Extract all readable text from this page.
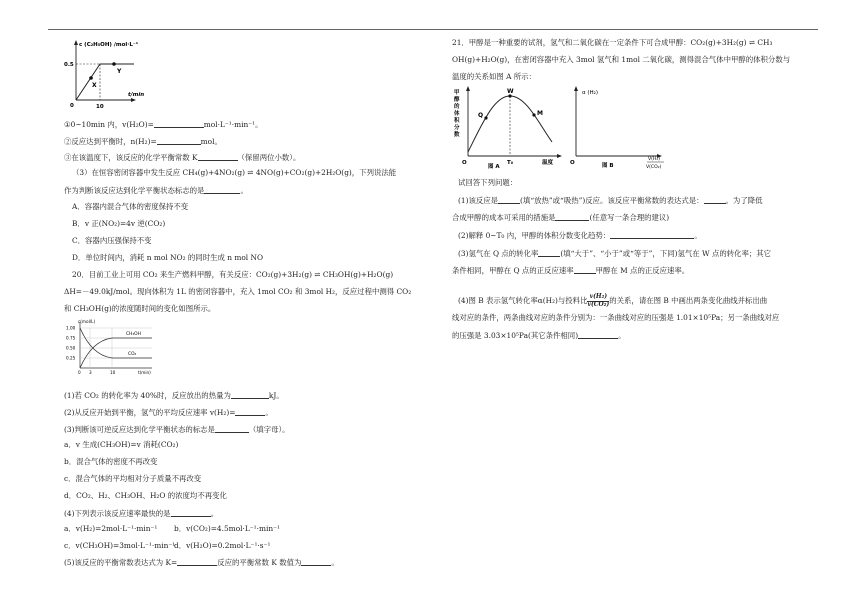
c (C₂H₅OH) /mol·L⁻¹
0.5
0	10
t/min
X
Y
①0~10min 内，v(H₂O)=	mol·L⁻¹·min⁻¹。
②反应达到平衡时，n(H₂)=	mol。
③在该温度下，该反应的化学平衡常数 K	（保留两位小数）。
（3）在恒容密闭容器中发生反应 CH₄(g)+4NO₂(g) ⇌ 4NO(g)+CO₂(g)+2H₂O(g)，下列说法能
作为判断该反应达到化学平衡状态标志的是	。
A．容器内混合气体的密度保持不变
B．v 正(NO₂)=4v 逆(CO₂)
C．容器内压强保持不变
D．单位时间内，消耗 n mol NO₂ 的同时生成 n mol NO
20．目前工业上可用 CO₂ 来生产燃料甲醇，有关反应：CO₂(g)+3H₂(g) ⇌ CH₃OH(g)+H₂O(g)
ΔH=－49.0kJ/mol。现向体积为 1L 的密闭容器中，充入 1mol CO₂ 和 3mol H₂，反应过程中测得 CO₂
和 CH₃OH(g)的浓度随时间的变化如图所示。
c(mol/L)
1.00
0.75
0.50
0.25
0 3	10	t(min)
CH₃OH
CO₂
(1)若 CO₂ 的转化率为 40%时，反应放出的热量为	kJ。
(2)从反应开始到平衡，氢气的平均反应速率 v(H₂)=	。
(3)判断该可逆反应达到化学平衡状态的标志是	（填字母）。
a．v 生成(CH₃OH)=v 消耗(CO₂)
b．混合气体的密度不再改变
c．混合气体的平均相对分子质量不再改变
d．CO₂、H₂、CH₃OH、H₂O 的浓度均不再变化
(4)下列表示该反应速率最快的是	。
a．v(H₂)=2mol·L⁻¹·min⁻¹ b．v(CO₂)=4.5mol·L⁻¹·min⁻¹
c．v(CH₃OH)=3mol·L⁻¹·min⁻¹
d．v(H₂O)=0.2mol·L⁻¹·s⁻¹
(5)该反应的平衡常数表达式为 K=	反应的平衡常数 K 数值为	。
21．甲醇是一种重要的试剂，氢气和二氧化碳在一定条件下可合成甲醇：CO₂(g)+3H₂(g) ⇌ CH₃
OH(g)+H₂O(g)，在密闭容器中充入 3mol 氢气和 1mol 二氧化碳，测得混合气体中甲醇的体积分数与
温度的关系如图 A 所示：
甲
醇
的
体
积
分
数
W
Q	M
O	T₀	温度
图 A
α (H₂)
O	图 B
V(H₂)
V(CO₂)
试回答下列问题：
(1)该反应是	(填“放热”或“吸热”)反应。该反应平衡常数的表达式是：	。为了降低
合成甲醇的成本可采用的措施是	(任意写一条合理的建议)
(2)解释 0~T₀ 内，甲醇的体积分数变化趋势：	。
(3)氢气在 Q 点的转化率	(填“大于”、“小于”或“等于”，下同)氢气在 W 点的转化率；其它
条件相同，甲醇在 Q 点的正反应速率	甲醇在 M 点的正反应速率。
(4)图 B 表示氢气转化率α(H₂)与投料比 $\frac{\text{v(H₂)}}{\text{v(CO₂)}}$ 的关系，请在图 B 中画出两条变化曲线并标出曲
线对应的条件，两条曲线对应的条件分别为：一条曲线对应的压强是 1.01×10⁵Pa；另一条曲线对应
的压强是 3.03×10⁵Pa(其它条件相同)	。
